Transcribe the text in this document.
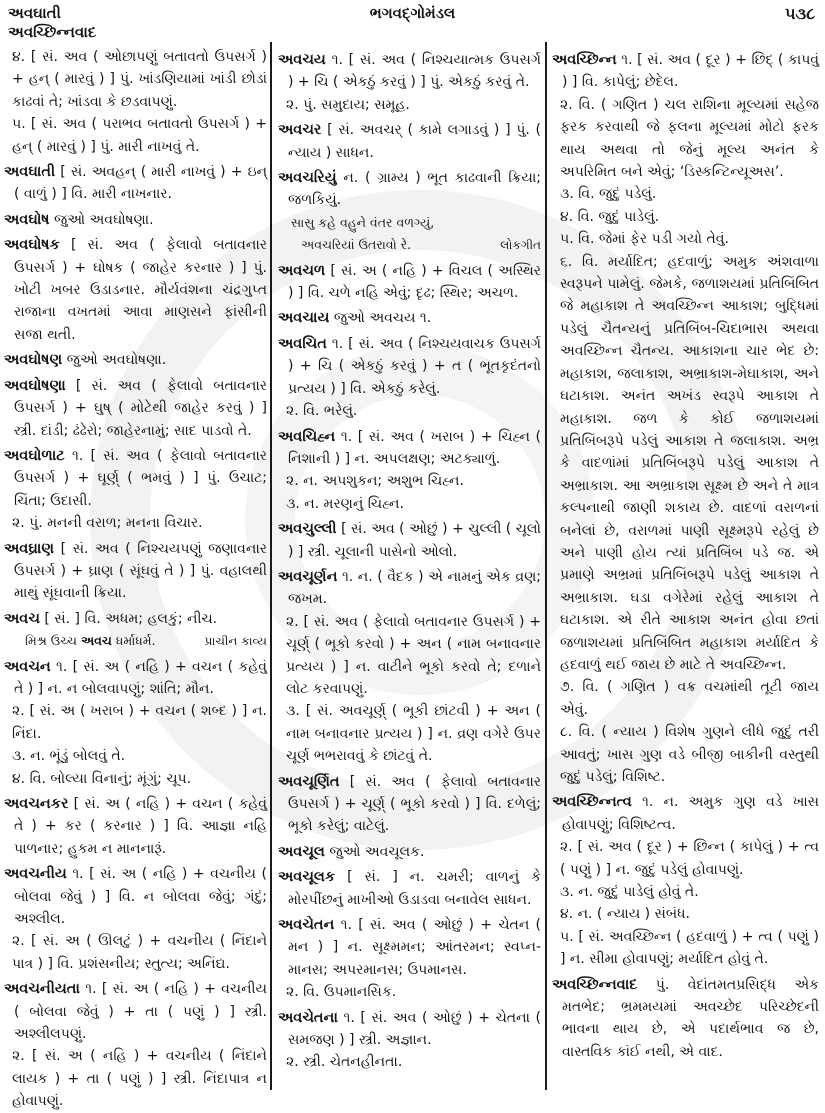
અવઘાતી
અવચ્છિન્નવાદ
ભગવદ્ગોમંડલ	૫૩૮

૪. [ સં. અવ ( ઓછાપણું બતાવતો ઉપસર્ગ ) + હન્ ( મારવું ) ] પું. ખાંડણિયામાં ખાંડી છોડાં કાઢવાં તે; ખાંડવા કે છડવાપણું.

૫. [ સં. અવ ( પરાભવ બતાવતો ઉપસર્ગ ) + હન્ ( મારવું ) ] પું. મારી નાખવું તે.

અવઘાતી [ સં. અવહન્ ( મારી નાખવું ) + ઇન્ ( વાળું ) ] વિ. મારી નાખનાર.

અવઘોષ જુઓ અવઘોષણા.

અવઘોષક [ સં. અવ ( ફેલાવો બતાવનાર ઉપસર્ગ ) + ઘોષક ( જાહેર કરનાર ) ] પું. ખોટી ખબર ઉડાડનાર. મૌર્યવંશના ચંદ્રગુપ્ત રાજાના વખતમાં આવા માણસને ફાંસીની સજા થતી.

અવઘોષણ જુઓ અવઘોષણા.

અવઘોષણા [ સં. અવ ( ફેલાવો બતાવનાર ઉપસર્ગ ) + ઘુષ્ ( મોટેથી જાહેર કરવું ) ] સ્ત્રી. દાંડી; ઢંઢેરો; જાહેરનામું; સાદ પાડવો તે.

અવઘોળાટ ૧. [ સં. અવ ( ફેલાવો બતાવનાર ઉપસર્ગ ) + ઘૂર્ણ્ ( ભમવું ) ] પું. ઉચાટ; ચિંતા; ઉદાસી.

૨. પું. મનની વરાળ; મનના વિચાર.

અવઘ્રાણ [ સં. અવ ( નિશ્ચયપણું જણાવનાર ઉપસર્ગ ) + ઘ્રાણ ( સૂંઘવું તે ) ] પું. વહાલથી માથું સૂંઘવાની ક્રિયા.

અવચ [ સં. ] વિ. અધમ; હલકું; નીચ.

મિશ્ર ઉચ્ચ અવચ ધર્માધર્મ.	પ્રાચીન કાવ્ય

અવચન ૧. [ સં. અ ( નહિ ) + વચન ( કહેવું તે ) ] ન. ન બોલવાપણું; શાંતિ; મૌન.

૨. [ સં. અ ( ખરાબ ) + વચન ( શબ્દ ) ] ન. નિંદા.

૩. ન. ભૂંડું બોલવું તે.

૪. વિ. બોલ્યા વિનાનું; મૂંગું; ચૂપ.

અવચનકર [ સં. અ ( નહિ ) + વચન ( કહેવું તે ) + કર ( કરનાર ) ] વિ. આજ્ઞા નહિ પાળનાર; હુકમ ન માનનારૂં.

અવચનીય ૧. [ સં. અ ( નહિ ) + વચનીય ( બોલવા જેવું ) ] વિ. ન બોલવા જેવું; ગંદું; અશ્લીલ.

૨. [ સં. અ ( ઊલટું ) + વચનીય ( નિંદાને પાત્ર ) ] વિ. પ્રશંસનીય; સ્તુત્ય; અનિંદ્ય.

અવચનીયતા ૧. [ સં. અ ( નહિ ) + વચનીય ( બોલવા જેવું ) + તા ( પણું ) ] સ્ત્રી. અશ્લીલપણું.

૨. [ સં. અ ( નહિ ) + વચનીય ( નિંદાને લાયક ) + તા ( પણું ) ] સ્ત્રી. નિંદાપાત્ર ન હોવાપણું.

અવચય ૧. [ સં. અવ ( નિશ્ચયાત્મક ઉપસર્ગ ) + ચિ ( એકઠું કરવું ) ] પું. એકઠું કરવું તે.

૨. પું. સમુદાય; સમૂહ.

અવચર [ સં. અવચર્ ( કામે લગાડવું ) ] પું. ( ન્યાય ) સાધન.

અવચરિયું ન. ( ગ્રામ્ય ) ભૂત કાઢવાની ક્રિયા; જળકિયું.

સાસુ કહે વહુને વંતર વળગ્યું,
અવચરિયાં ઉતરાવો રે.	લોકગીત

અવચળ [ સં. અ ( નહિ ) + વિચલ ( અસ્થિર ) ] વિ. ચળે નહિ એવું; દૃઢ; સ્થિર; અચળ.

અવચાય જુઓ અવચય ૧.

અવચિત ૧. [ સં. અવ ( નિશ્ચયવાચક ઉપસર્ગ ) + ચિ ( એકઠું કરવું ) + ત ( ભૂતકૃદંતનો પ્રત્યય ) ] વિ. એકઠું કરેલું.

૨. વિ. ભરેલું.

અવચિહ્ન ૧. [ સં. અવ ( ખરાબ ) + ચિહ્ન ( નિશાની ) ] ન. અપલક્ષણ; અટક્યાળું.

૨. ન. અપશુકન; અશુભ ચિહ્ન.

૩. ન. મરણનું ચિહ્ન.

અવચુલ્લી [ સં. અવ ( ઓછું ) + ચુલ્લી ( ચૂલો ) ] સ્ત્રી. ચૂલાની પાસેનો ઓલો.

અવચૂર્ણન ૧. ન. ( વૈદક ) એ નામનું એક વ્રણ; જખમ.

૨. [ સં. અવ ( ફેલાવો બતાવનાર ઉપસર્ગ ) + ચૂર્ણ્ ( ભૂકો કરવો ) + અન ( નામ બનાવનાર પ્રત્યય ) ] ન. વાટીને ભૂકો કરવો તે; દળાને લોટ કરવાપણું.

૩. [ સં. અવચૂર્ણ્ ( ભૂકી છાંટવી ) + અન ( નામ બનાવનાર પ્રત્યય ) ] ન. વ્રણ વગેરે ઉપર ચૂર્ણ ભભરાવવું કે છાંટવું તે.

અવચૂર્ણિત [ સં. અવ ( ફેલાવો બતાવનાર ઉપસર્ગ ) + ચૂર્ણ્ ( ભૂકો કરવો ) ] વિ. દળેલું; ભૂકો કરેલું; વાટેલું.

અવચૂલ જુઓ અવચૂલક.

અવચૂલક [ સં. ] ન. ચમરી; વાળનું કે મોરપીંછનું માખીઓ ઉડાડવા બનાવેલ સાધન.

અવચેતન ૧. [ સં. અવ ( ઓછું ) + ચેતન ( મન ) ] ન. સૂક્ષ્મમન; આંતરમન; સ્વપ્ન-માનસ; અપરમાનસ; ઉપમાનસ.

૨. વિ. ઉપમાનસિક.

અવચેતના ૧. [ સં. અવ ( ઓછું ) + ચેતના ( સમજણ ) ] સ્ત્રી. અજ્ઞાન.

૨. સ્ત્રી. ચેતનહીનતા.

અવચ્છિન્ન ૧. [ સં. અવ ( દૂર ) + છિદ્ ( કાપવું ) ] વિ. કાપેલું; છેદેલ.

૨. વિ. ( ગણિત ) ચલ રાશિના મૂલ્યમાં સહેજ ફરક કરવાથી જે ફલના મૂલ્યમાં મોટો ફરક થાય અથવા તો જેનું મૂલ્ય અનંત કે અપરિમિત બને એવું; ‘ડિસ્કન્ટિન્યૂઅસ’.

૩. વિ. જુદું પડેલું.

૪. વિ. જુદું પાડેલું.

૫. વિ. જેમાં ફેર પડી ગયો તેવું.

૬. વિ. મર્યાદિત; હદવાળું; અમુક અંશવાળા સ્વરૂપને પામેલું. જેમકે, જળાશયમાં પ્રતિબિંબિત જે મહાકાશ તે અવચ્છિન્ન આકાશ; બુદ્ધિમાં પડેલું ચૈતન્યનું પ્રતિબિંબ-ચિદાભાસ અથવા અવચ્છિન્ન ચૈતન્ય. આકાશના ચાર ભેદ છે: મહાકાશ, જલાકાશ, અભ્રાકાશ-મેઘાકાશ, અને ઘટાકાશ. અનંત અખંડ સ્વરૂપે આકાશ તે મહાકાશ. જળ કે કોઈ જળાશયમાં પ્રતિબિંબરૂપે પડેલું આકાશ તે જલાકાશ. અભ્ર કે વાદળાંમાં પ્રતિબિંબરૂપે પડેલું આકાશ તે અભ્રાકાશ. આ અભ્રાકાશ સૂક્ષ્મ છે અને તે માત્ર કલ્પનાથી જાણી શકાય છે. વાદળાં વરાળનાં બનેલાં છે, વરાળમાં પાણી સૂક્ષ્મરૂપે રહેલું છે અને પાણી હોય ત્યાં પ્રતિબિંબ પડે જ. એ પ્રમાણે અભ્રમાં પ્રતિબિંબરૂપે પડેલું આકાશ તે અભ્રાકાશ. ઘડા વગેરેમાં રહેલું આકાશ તે ઘટાકાશ. એ રીતે આકાશ અનંત હોવા છતાં જળાશયમાં પ્રતિબિંબિત મહાકાશ મર્યાદિત કે હદવાળું થઈ જાય છે માટે તે અવચ્છિન્ન.

૭. વિ. ( ગણિત ) વક્ર વચમાંથી તૂટી જાય એવું.

૮. વિ. ( ન્યાય ) વિશેષ ગુણને લીધે જુદું તરી આવતું; ખાસ ગુણ વડે બીજી બાકીની વસ્તુથી જુદું પડેલું; વિશિષ્ટ.

અવચ્છિન્નત્વ ૧. ન. અમુક ગુણ વડે ખાસ હોવાપણું; વિશિષ્ટત્વ.

૨. [ સં. અવ ( દૂર ) + છિન્ન ( કાપેલું ) + ત્વ ( પણું ) ] ન. જુદું પડેલું હોવાપણું.

૩. ન. જુદું પાડેલું હોવું તે.

૪. ન. ( ન્યાય ) સંબંધ.

૫. [ સં. અવચ્છિન્ન ( હદવાળું ) + ત્વ ( પણું ) ] ન. સીમા હોવાપણું; મર્યાદિત હોવું તે.

અવચ્છિન્નવાદ પું. વેદાંતમતપ્રસિદ્ધ એક મતભેદ; ભ્રમમયમાં અવચ્છેદ પરિચ્છેદની ભાવના થાય છે, એ પદાર્થભાવ જ છે, વાસ્તવિક કાંઈ નથી, એ વાદ.
